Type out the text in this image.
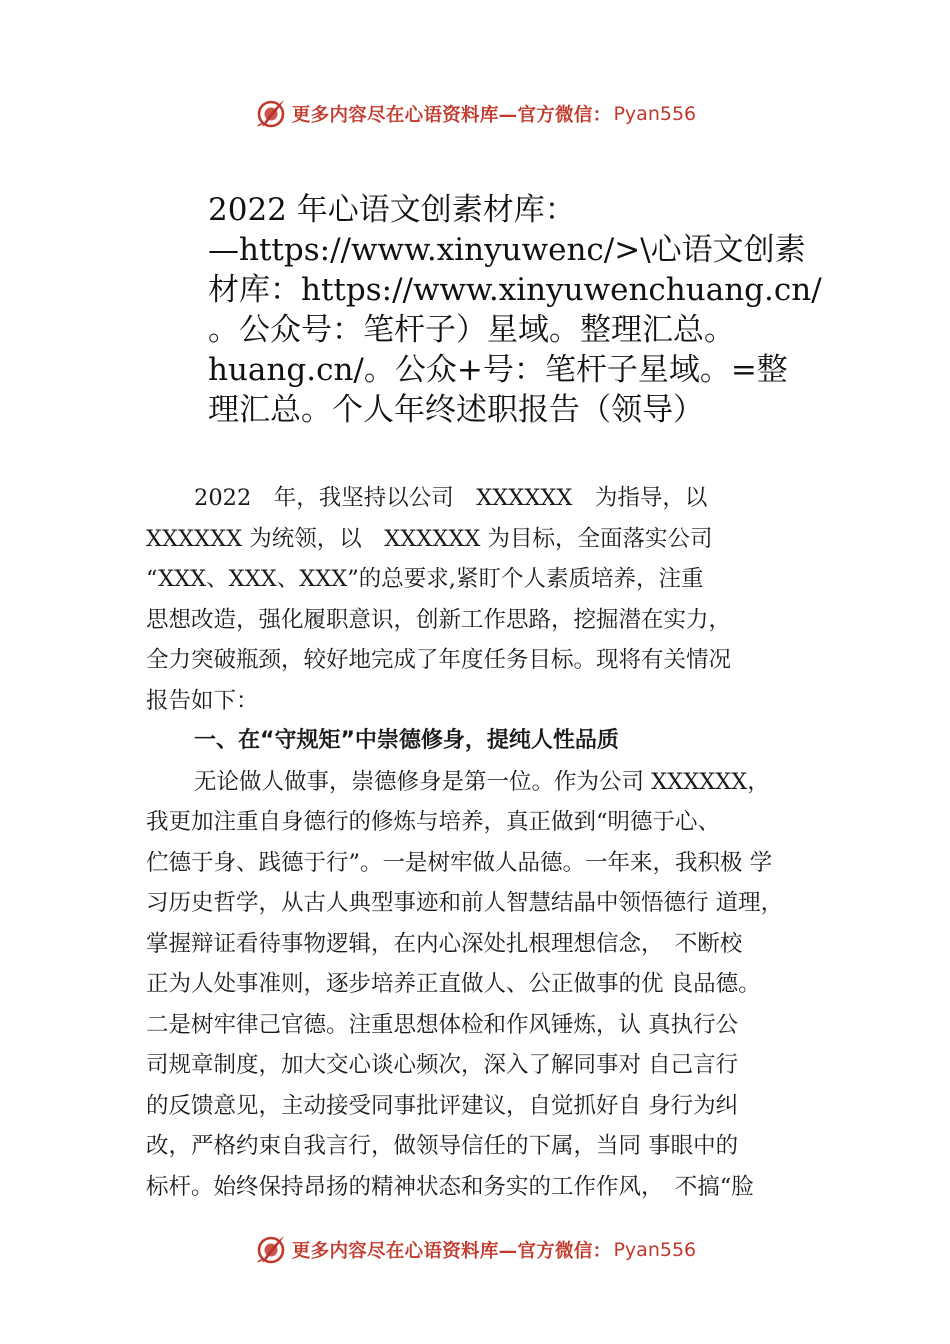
更多内容尽在心语资料库—官方微信： Pyan556
2022 年心语文创素材库：
—https://www.xinyuwenc/>\心语文创素
材库：https://www.xinyuwenchuang.cn/
。公众号：笔杆子）星域。整理汇总。
huang.cn/。公众+号：笔杆子星域。=整
理汇总。个人年终述职报告（领导）
2022　年，我坚持以公司　XXXXXX　为指导，以
XXXXXX 为统领，以　XXXXXX 为目标，全面落实公司
“XXX、XXX、XXX”的总要求,紧盯个人素质培养，注重
思想改造，强化履职意识，创新工作思路，挖掘潜在实力，
全力突破瓶颈，较好地完成了年度任务目标。现将有关情况
报告如下：
一、在“守规矩”中崇德修身，提纯人性品质
无论做人做事，崇德修身是第一位。作为公司 XXXXXX，
我更加注重自身德行的修炼与培养，真正做到“明德于心、
伫德于身、践德于行”。一是树牢做人品德。一年来，我积极 学
习历史哲学，从古人典型事迹和前人智慧结晶中领悟德行 道理，
掌握辩证看待事物逻辑，在内心深处扎根理想信念，　不断校
正为人处事准则，逐步培养正直做人、公正做事的优 良品德。
二是树牢律己官德。注重思想体检和作风锤炼，认 真执行公
司规章制度，加大交心谈心频次，深入了解同事对 自己言行
的反馈意见，主动接受同事批评建议，自觉抓好自 身行为纠
改，严格约束自我言行，做领导信任的下属，当同 事眼中的
标杆。始终保持昂扬的精神状态和务实的工作作风，　不搞“脸
更多内容尽在心语资料库—官方微信： Pyan556
